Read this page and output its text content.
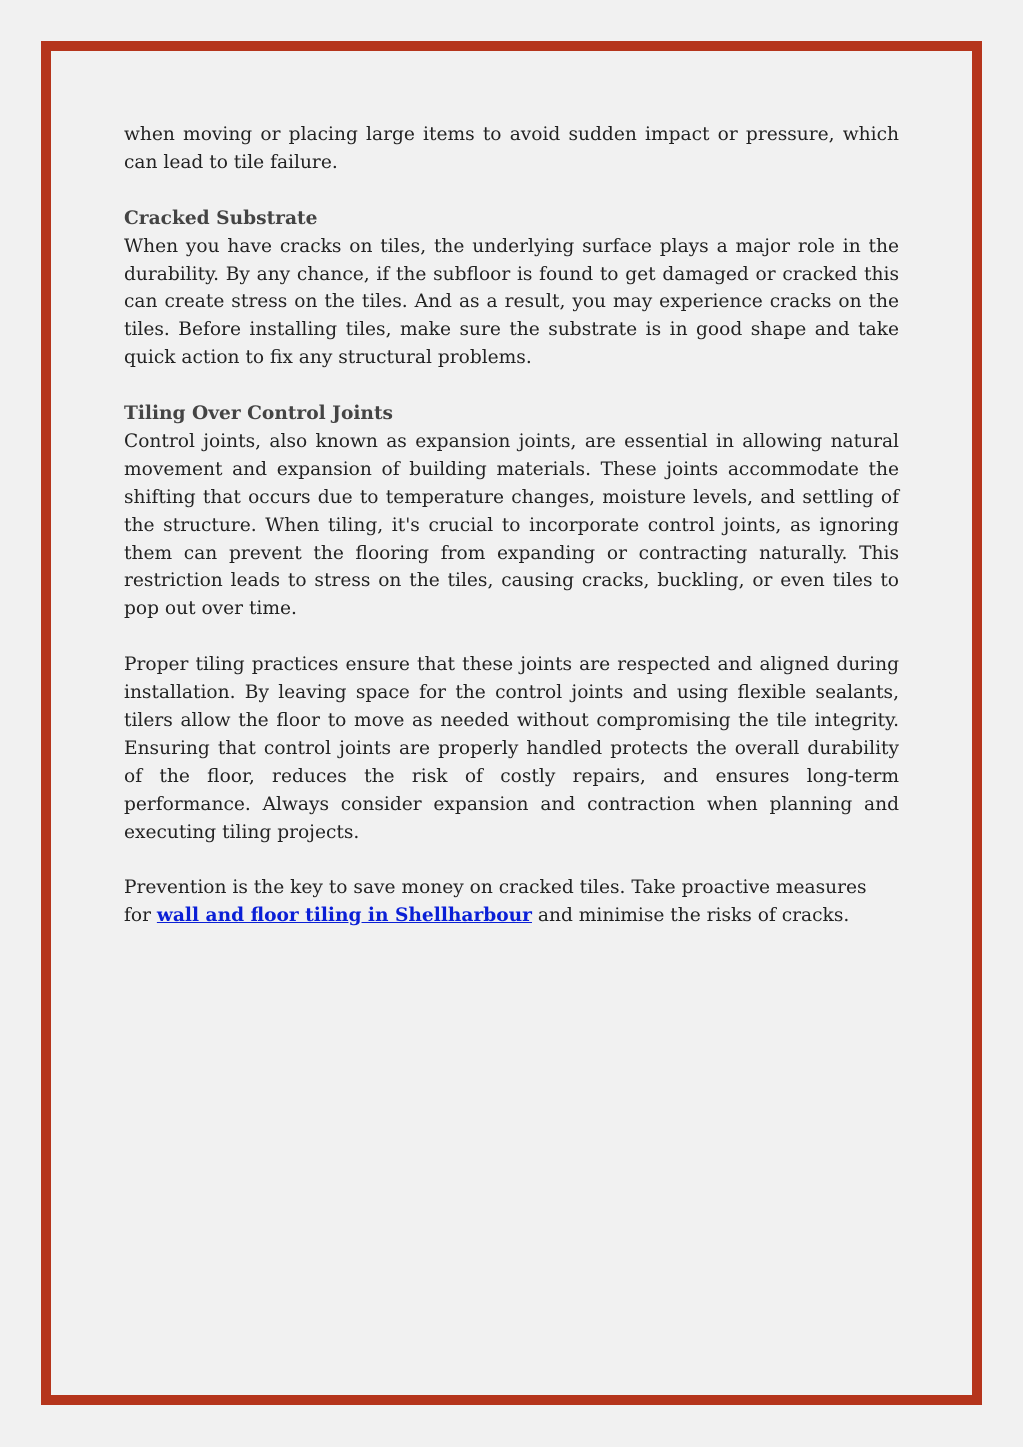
when moving or placing large items to avoid sudden impact or pressure, which can lead to tile failure.

Cracked Substrate

When you have cracks on tiles, the underlying surface plays a major role in the durability. By any chance, if the subfloor is found to get damaged or cracked this can create stress on the tiles. And as a result, you may experience cracks on the tiles. Before installing tiles, make sure the substrate is in good shape and take quick action to fix any structural problems.

Tiling Over Control Joints

Control joints, also known as expansion joints, are essential in allowing natural movement and expansion of building materials. These joints accommodate the shifting that occurs due to temperature changes, moisture levels, and settling of the structure. When tiling, it's crucial to incorporate control joints, as ignoring them can prevent the flooring from expanding or contracting naturally. This restriction leads to stress on the tiles, causing cracks, buckling, or even tiles to pop out over time.

Proper tiling practices ensure that these joints are respected and aligned during installation. By leaving space for the control joints and using flexible sealants, tilers allow the floor to move as needed without compromising the tile integrity. Ensuring that control joints are properly handled protects the overall durability of the floor, reduces the risk of costly repairs, and ensures long-term performance. Always consider expansion and contraction when planning and executing tiling projects.

Prevention is the key to save money on cracked tiles. Take proactive measures for wall and floor tiling in Shellharbour and minimise the risks of cracks.
